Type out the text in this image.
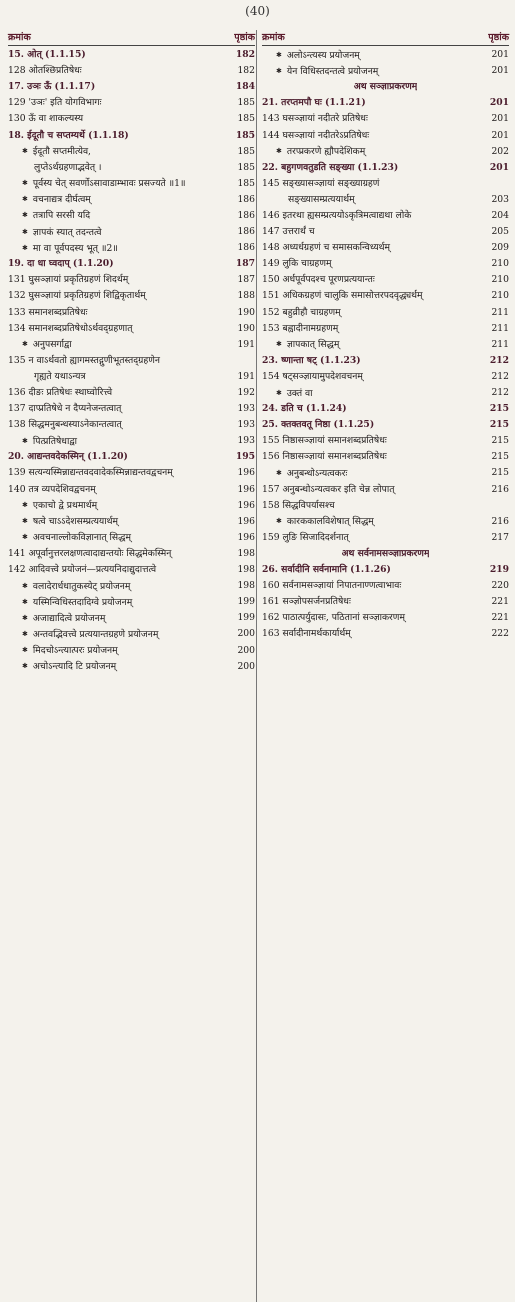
(40)
क्रमांक	पृष्ठांक
15. ओत् (1.1.15)	182
128 ओतश्छिप्रतिषेधः	182
17. उञः ऊँ (1.1.17)	184
129 'उञः' इति योगविभागः	185
130 ऊँ वा शाकल्यस्य	185
18. ईदूतौ च सप्तम्यर्थे (1.1.18)	185
✱ ईदूतौ सप्तमीत्येव,	185
लुप्तेऽर्थग्रहणाद्भवेत् ।	185
✱ पूर्वस्य चेत् सवर्णोऽसावाडाम्भावः प्रसज्यते ॥1॥	185
✱ वचनाद्यत्र दीर्घत्वम्	186
✱ तत्रापि सरसी यदि	186
✱ ज्ञापकं स्यात् तदन्तत्वे	186
✱ मा वा पूर्वपदस्य भूत् ॥2॥	186
19. दा धा घ्वदाप् (1.1.20)	187
131 घुसञ्ज्ञायां प्रकृतिग्रहणं शिदर्थम्	187
132 घुसञ्ज्ञायां प्रकृतिग्रहणं शिद्विकृतार्थम्	188
133 समानशब्दप्रतिषेधः	190
134 समानशब्दप्रतिषेधोऽर्थवद्ग्रहणात्	190
✱ अनुपसर्गाद्वा	191
135 न वाऽर्थवतो ह्यागमस्तद्गुणीभूतस्तद्ग्रहणेन
गृह्यते यथाऽन्यत्र	191
136 दीङः प्रतिषेधः स्थाघ्वोरित्त्वे	192
137 दाप्प्रतिषेधे न दैप्यनेजन्तत्वात्	193
138 सिद्धमनुबन्धस्याऽनेकान्तत्वात्	193
✱ पित्प्रतिषेधाद्वा	193
20. आद्यन्तवदेकस्मिन् (1.1.20)	195
139 सत्यन्यस्मिन्नाद्यन्तवदवादेकस्मिन्नाद्यन्तवद्वचनम्	196
140 तत्र व्यपदेशिवद्वचनम्	196
✱ एकाचो द्वे प्रथमार्थम्	196
✱ षत्वे चाऽऽदेशसम्प्रत्ययार्थम्	196
✱ अवचनाल्लोकविज्ञानात् सिद्धम्	196
141 अपूर्वानुत्तरलक्षणत्वादाद्यन्तयोः सिद्धमेकस्मिन्	198
142 आदिवत्त्वे प्रयोजनं—प्रत्ययनिदाद्युदात्तत्वे	198
✱ वलादेरार्धधातुकस्येट् प्रयोजनम्	198
✱ यस्मिन्विधिस्तदादिग्वे प्रयोजनम्	199
✱ अजाद्यादित्वे प्रयोजनम्	199
✱ अन्तवद्भिवत्त्वे प्रत्ययान्तग्रहणे प्रयोजनम्	200
✱ मिदचोऽन्त्यात्परः प्रयोजनम्	200
✱ अचोऽन्त्यादि टि प्रयोजनम्	200
क्रमांक	पृष्ठांक
✱ अलोऽन्त्यस्य प्रयोजनम्	201
✱ येन विधिस्तदन्तत्वे प्रयोजनम्	201
अथ सञ्ज्ञाप्रकरणम्
21. तरप्तमपौ घः (1.1.21)	201
143 घसञ्ज्ञायां नदीतरे प्रतिषेधः	201
144 घसञ्ज्ञायां नदीतरेऽप्रतिषेधः	201
✱ तरप्प्रकरणे ह्यौपदेशिकम्	202
22. बहुगणवतुडति सङ्ख्या (1.1.23)	201
145 सङ्ख्यासञ्ज्ञायां सङ्ख्याग्रहणं
सङ्ख्यासम्प्रत्ययार्थम्	203
146 इतरथा ह्यसम्प्रत्ययोऽकृत्रिमत्वाद्यथा लोके	204
147 उत्तरार्थं च	205
148 अध्यर्धग्रहणं च समासकन्विध्यर्थम्	209
149 लुकि चाग्रहणम्	210
150 अर्धपूर्वपदश्च पूरणप्रत्ययान्तः	210
151 अधिकग्रहणं चालुकि समासोत्तरपदवृद्ध्यर्थम्	210
152 बहुव्रीहौ चाग्रहणम्	211
153 बह्वादीनामग्रहणम्	211
✱ ज्ञापकात् सिद्धम्	211
23. ष्णान्ता षट् (1.1.23)	212
154 षट्सञ्ज्ञायामुपदेशवचनम्	212
✱ उक्तं वा	212
24. डति च (1.1.24)	215
25. क्तक्तवतू निष्ठा (1.1.25)	215
155 निष्ठासञ्ज्ञायां समानशब्दप्रतिषेधः	215
156 निष्ठासञ्ज्ञायां समानशब्दप्रतिषेधः	215
✱ अनुबन्धोऽन्यत्वकरः	215
157 अनुबन्धोऽन्यत्वकर इति चेन्न लोपात्	216
158 सिद्धविपर्यासश्च
✱ कारककालविशेषात् सिद्धम्	216
159 लुङि सिजादिदर्शनात्	217
अथ सर्वनामसञ्ज्ञाप्रकरणम्
26. सर्वादीनि सर्वनामानि (1.1.26)	219
160 सर्वनामसञ्ज्ञायां निपातनाण्णत्वाभावः	220
161 सञ्ज्ञोपसर्जनप्रतिषेधः	221
162 पाठात्पर्युदासः, पठितानां सञ्ज्ञाकरणम्	221
163 सर्वादीनामर्थकार्यार्थम्	222
